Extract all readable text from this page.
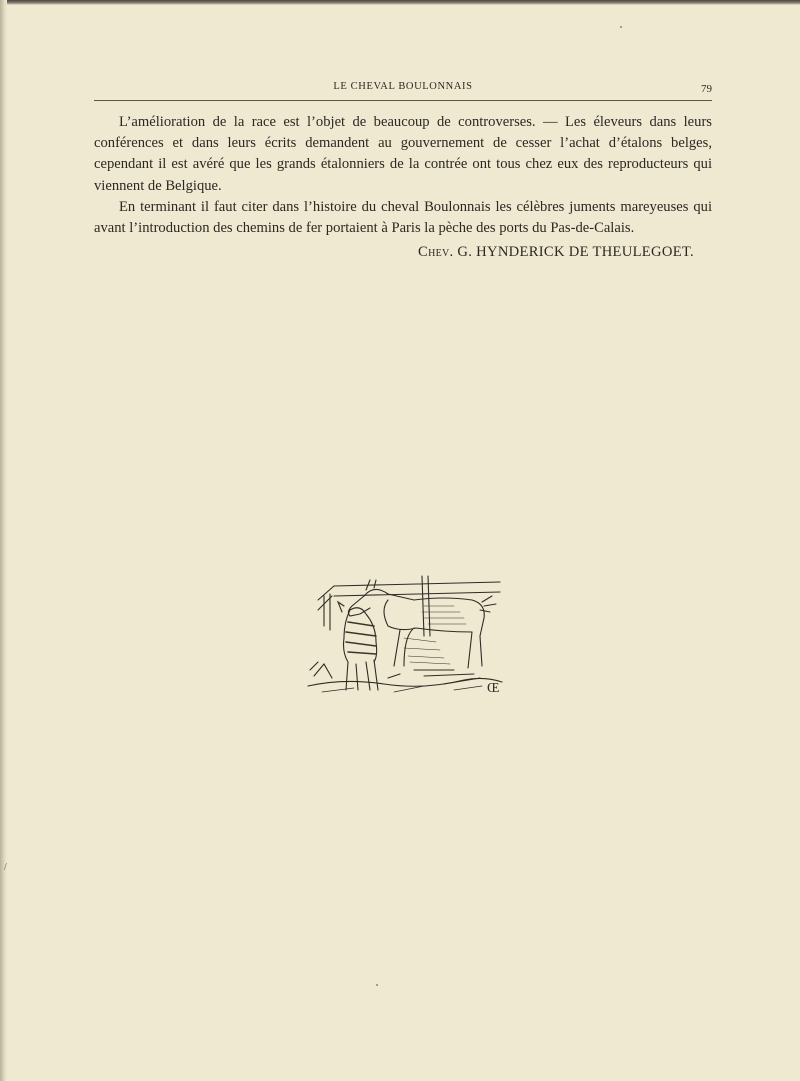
LE CHEVAL BOULONNAIS	79

L’amélioration de la race est l’objet de beaucoup de controverses. — Les éleveurs dans leurs conférences et dans leurs écrits demandent au gouvernement de cesser l’achat d’étalons belges, cependant il est avéré que les grands étalonniers de la contrée ont tous chez eux des reproducteurs qui viennent de Belgique.

En terminant il faut citer dans l’histoire du cheval Boulonnais les célèbres juments mareyeuses qui avant l’introduction des chemins de fer portaient à Paris la pèche des ports du Pas-de-Calais.

Chev. G. HYNDERICK DE THEULEGOET.
Œ
/
